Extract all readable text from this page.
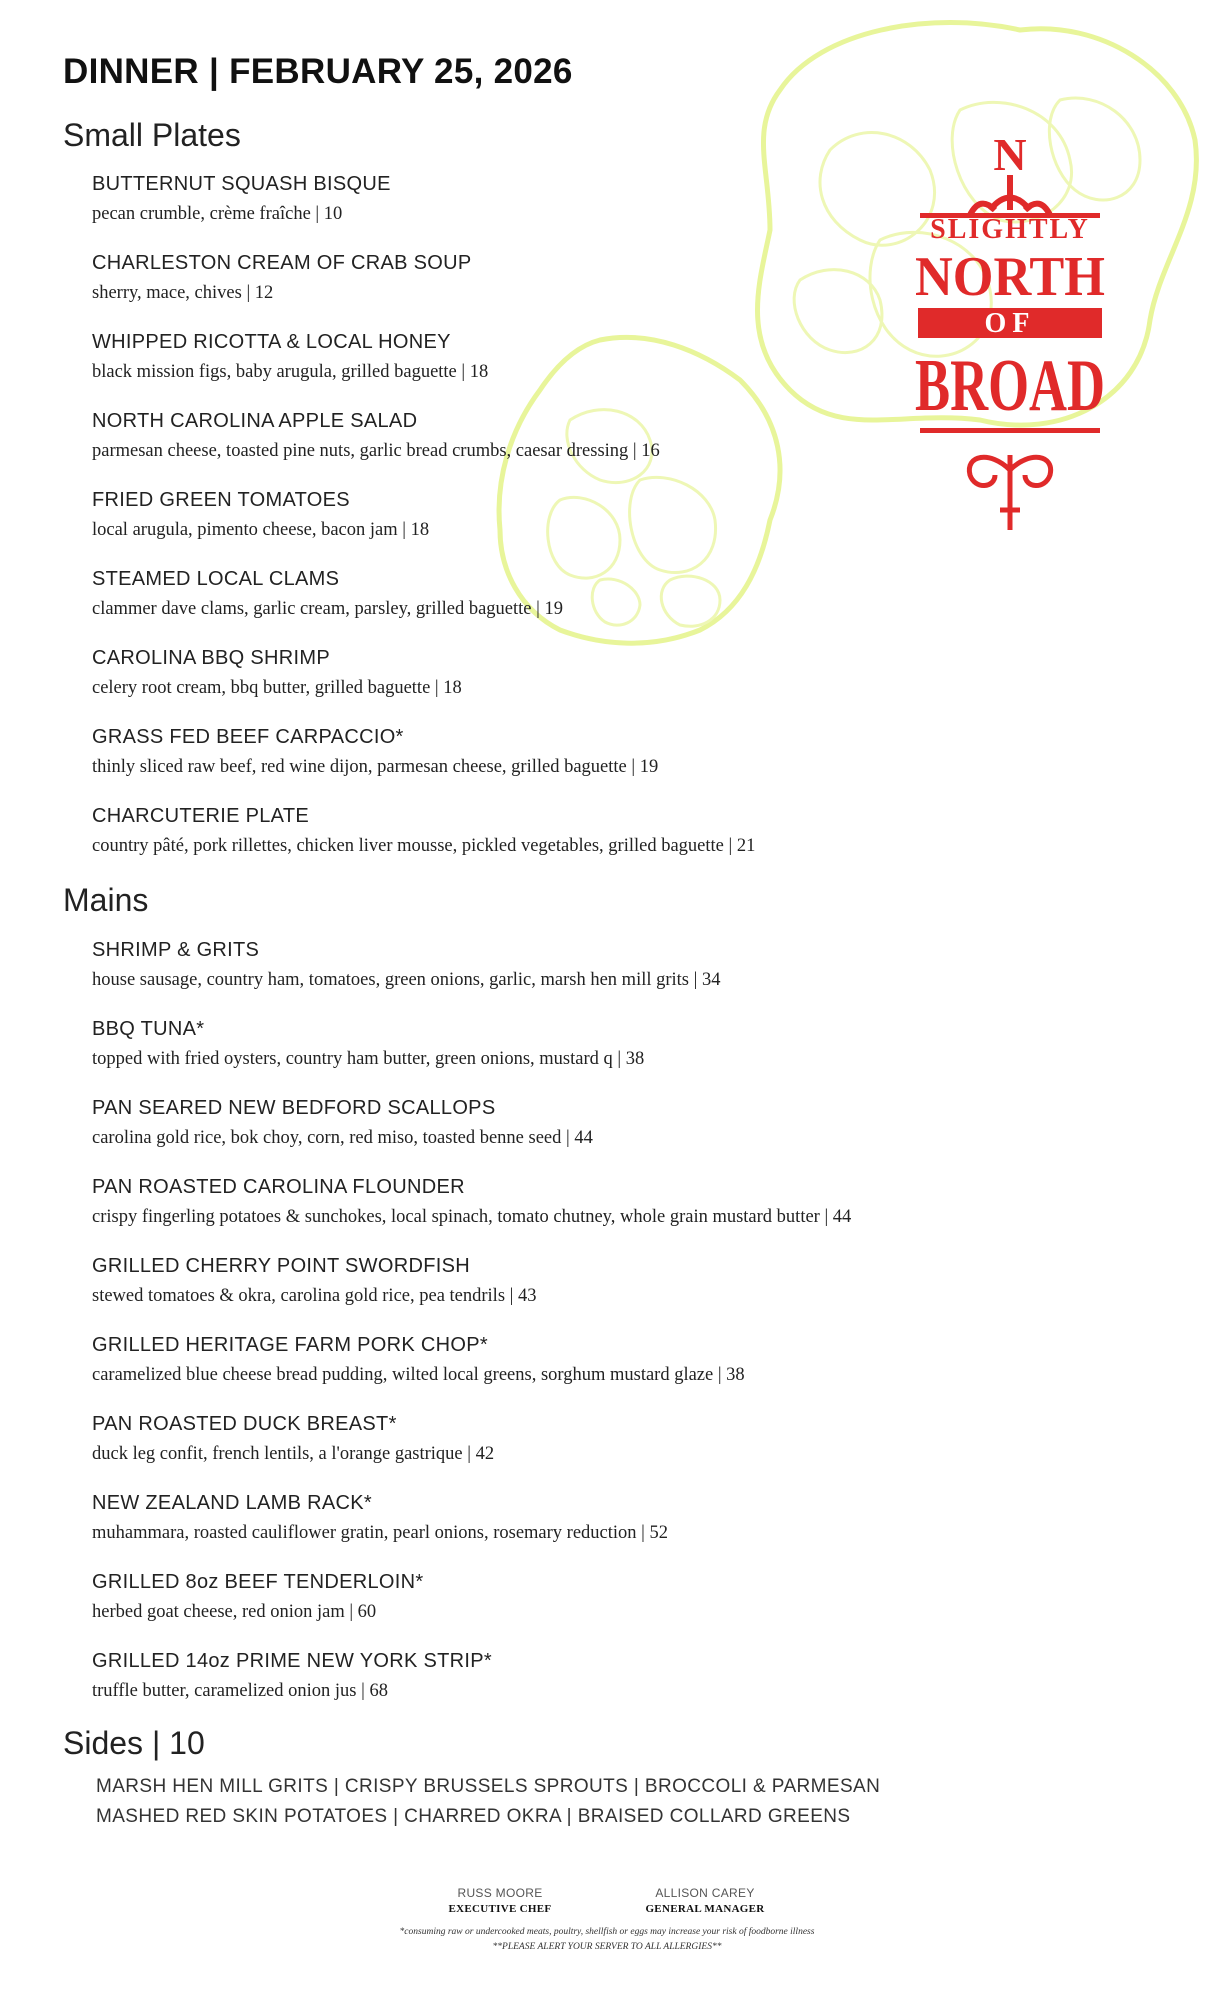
N
SLIGHTLY
NORTH
OF
BROAD
DINNER | FEBRUARY 25, 2026
Small Plates
BUTTERNUT SQUASH BISQUE
pecan crumble, crème fraîche | 10
CHARLESTON CREAM OF CRAB SOUP
sherry, mace, chives | 12
WHIPPED RICOTTA & LOCAL HONEY
black mission figs, baby arugula, grilled baguette | 18
NORTH CAROLINA APPLE SALAD
parmesan cheese, toasted pine nuts, garlic bread crumbs, caesar dressing | 16
FRIED GREEN TOMATOES
local arugula, pimento cheese, bacon jam | 18
STEAMED LOCAL CLAMS
clammer dave clams, garlic cream, parsley, grilled baguette | 19
CAROLINA BBQ SHRIMP
celery root cream, bbq butter, grilled baguette | 18
GRASS FED BEEF CARPACCIO*
thinly sliced raw beef, red wine dijon, parmesan cheese, grilled baguette | 19
CHARCUTERIE PLATE
country pâté, pork rillettes, chicken liver mousse, pickled vegetables, grilled baguette | 21
Mains
SHRIMP & GRITS
house sausage, country ham, tomatoes, green onions, garlic, marsh hen mill grits | 34
BBQ TUNA*
topped with fried oysters, country ham butter, green onions, mustard q | 38
PAN SEARED NEW BEDFORD SCALLOPS
carolina gold rice, bok choy, corn, red miso, toasted benne seed | 44
PAN ROASTED CAROLINA FLOUNDER
crispy fingerling potatoes & sunchokes, local spinach, tomato chutney, whole grain mustard butter | 44
GRILLED CHERRY POINT SWORDFISH
stewed tomatoes & okra, carolina gold rice, pea tendrils | 43
GRILLED HERITAGE FARM PORK CHOP*
caramelized blue cheese bread pudding, wilted local greens, sorghum mustard glaze | 38
PAN ROASTED DUCK BREAST*
duck leg confit, french lentils, a l'orange gastrique | 42
NEW ZEALAND LAMB RACK*
muhammara, roasted cauliflower gratin, pearl onions, rosemary reduction | 52
GRILLED 8oz BEEF TENDERLOIN*
herbed goat cheese, red onion jam | 60
GRILLED 14oz PRIME NEW YORK STRIP*
truffle butter, caramelized onion jus | 68
Sides | 10
MARSH HEN MILL GRITS | CRISPY BRUSSELS SPROUTS | BROCCOLI & PARMESAN
MASHED RED SKIN POTATOES | CHARRED OKRA | BRAISED COLLARD GREENS
RUSS MOORE
EXECUTIVE CHEF
ALLISON CAREY
GENERAL MANAGER
*consuming raw or undercooked meats, poultry, shellfish or eggs may increase your risk of foodborne illness
**PLEASE ALERT YOUR SERVER TO ALL ALLERGIES**
